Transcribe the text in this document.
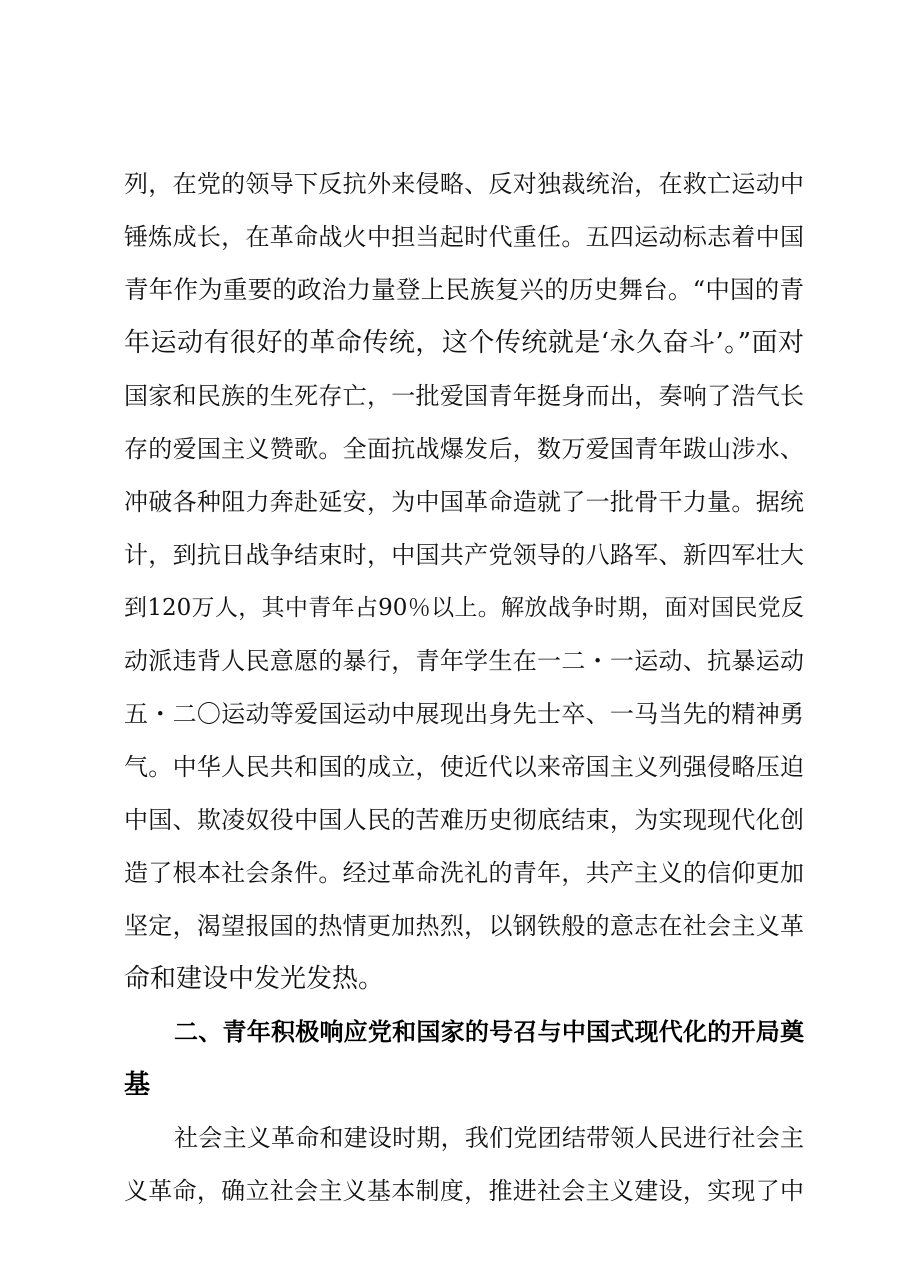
列，在党的领导下反抗外来侵略、反对独裁统治，在救亡运动中
锤炼成长，在革命战火中担当起时代重任。五四运动标志着中国
青年作为重要的政治力量登上民族复兴的历史舞台。“中国的青
年运动有很好的革命传统，这个传统就是‘永久奋斗’。”面对
国家和民族的生死存亡，一批爱国青年挺身而出，奏响了浩气长
存的爱国主义赞歌。全面抗战爆发后，数万爱国青年跋山涉水、
冲破各种阻力奔赴延安，为中国革命造就了一批骨干力量。据统
计，到抗日战争结束时，中国共产党领导的八路军、新四军壮大
到120万人，其中青年占90％以上。解放战争时期，面对国民党反
动派违背人民意愿的暴行，青年学生在一二・一运动、抗暴运动
五・二〇运动等爱国运动中展现出身先士卒、一马当先的精神勇
气。中华人民共和国的成立，使近代以来帝国主义列强侵略压迫
中国、欺凌奴役中国人民的苦难历史彻底结束，为实现现代化创
造了根本社会条件。经过革命洗礼的青年，共产主义的信仰更加
坚定，渴望报国的热情更加热烈，以钢铁般的意志在社会主义革
命和建设中发光发热。
二、青年积极响应党和国家的号召与中国式现代化的开局奠
基
社会主义革命和建设时期，我们党团结带领人民进行社会主
义革命，确立社会主义基本制度，推进社会主义建设，实现了中
